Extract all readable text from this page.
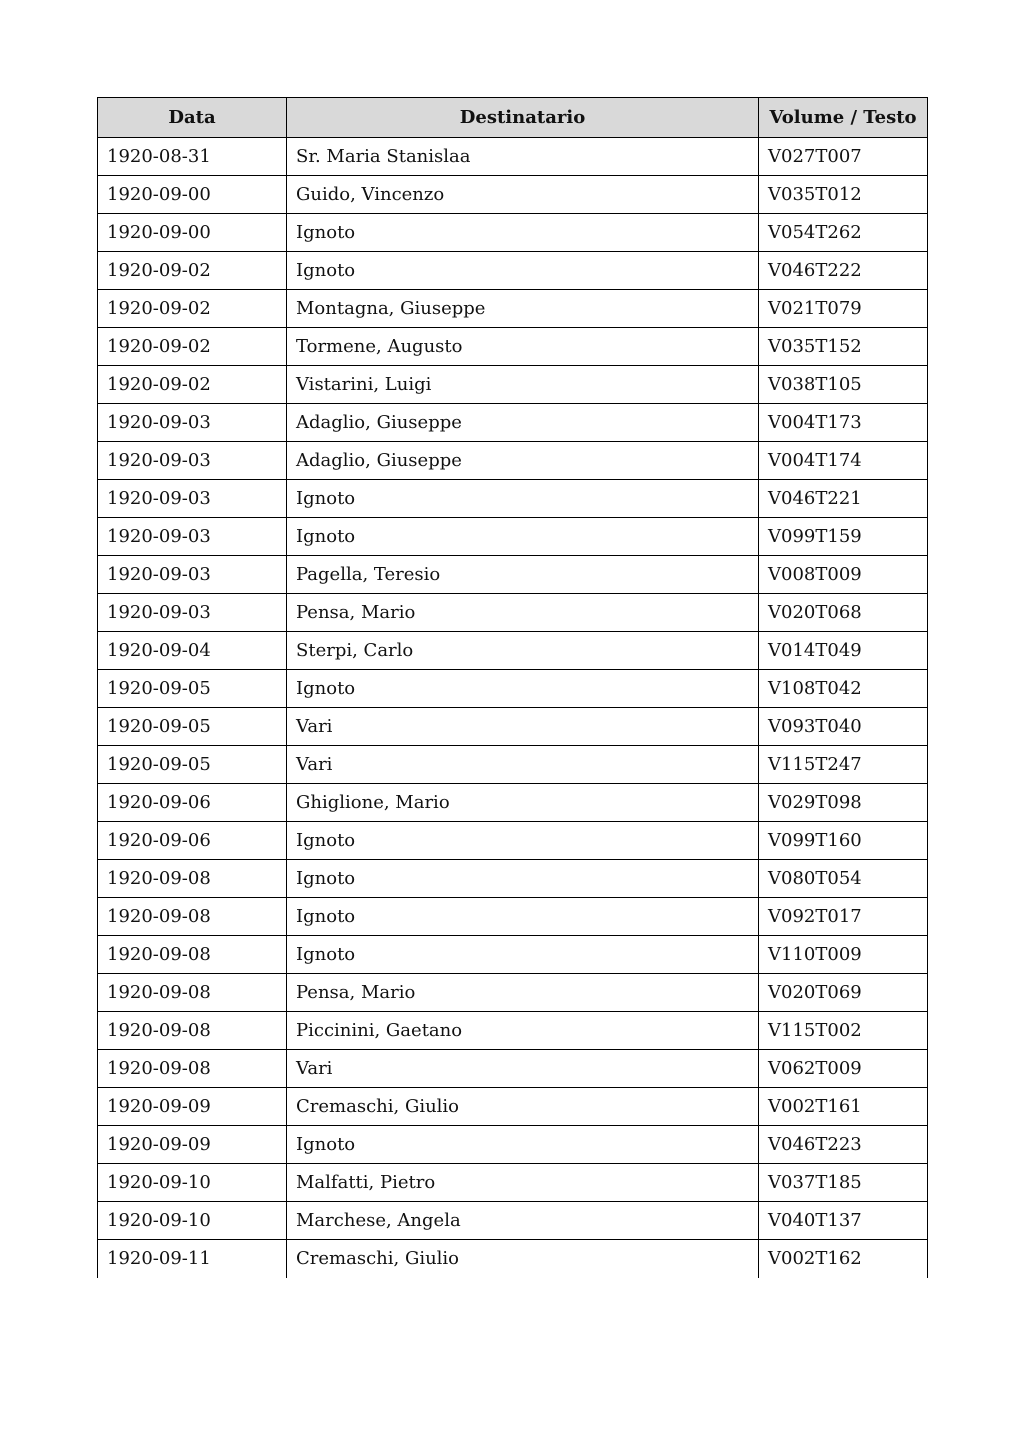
Data	Destinatario	Volume / Testo
1920-08-31	Sr. Maria Stanislaa	V027T007
1920-09-00	Guido, Vincenzo	V035T012
1920-09-00	Ignoto	V054T262
1920-09-02	Ignoto	V046T222
1920-09-02	Montagna, Giuseppe	V021T079
1920-09-02	Tormene, Augusto	V035T152
1920-09-02	Vistarini, Luigi	V038T105
1920-09-03	Adaglio, Giuseppe	V004T173
1920-09-03	Adaglio, Giuseppe	V004T174
1920-09-03	Ignoto	V046T221
1920-09-03	Ignoto	V099T159
1920-09-03	Pagella, Teresio	V008T009
1920-09-03	Pensa, Mario	V020T068
1920-09-04	Sterpi, Carlo	V014T049
1920-09-05	Ignoto	V108T042
1920-09-05	Vari	V093T040
1920-09-05	Vari	V115T247
1920-09-06	Ghiglione, Mario	V029T098
1920-09-06	Ignoto	V099T160
1920-09-08	Ignoto	V080T054
1920-09-08	Ignoto	V092T017
1920-09-08	Ignoto	V110T009
1920-09-08	Pensa, Mario	V020T069
1920-09-08	Piccinini, Gaetano	V115T002
1920-09-08	Vari	V062T009
1920-09-09	Cremaschi, Giulio	V002T161
1920-09-09	Ignoto	V046T223
1920-09-10	Malfatti, Pietro	V037T185
1920-09-10	Marchese, Angela	V040T137
1920-09-11	Cremaschi, Giulio	V002T162
